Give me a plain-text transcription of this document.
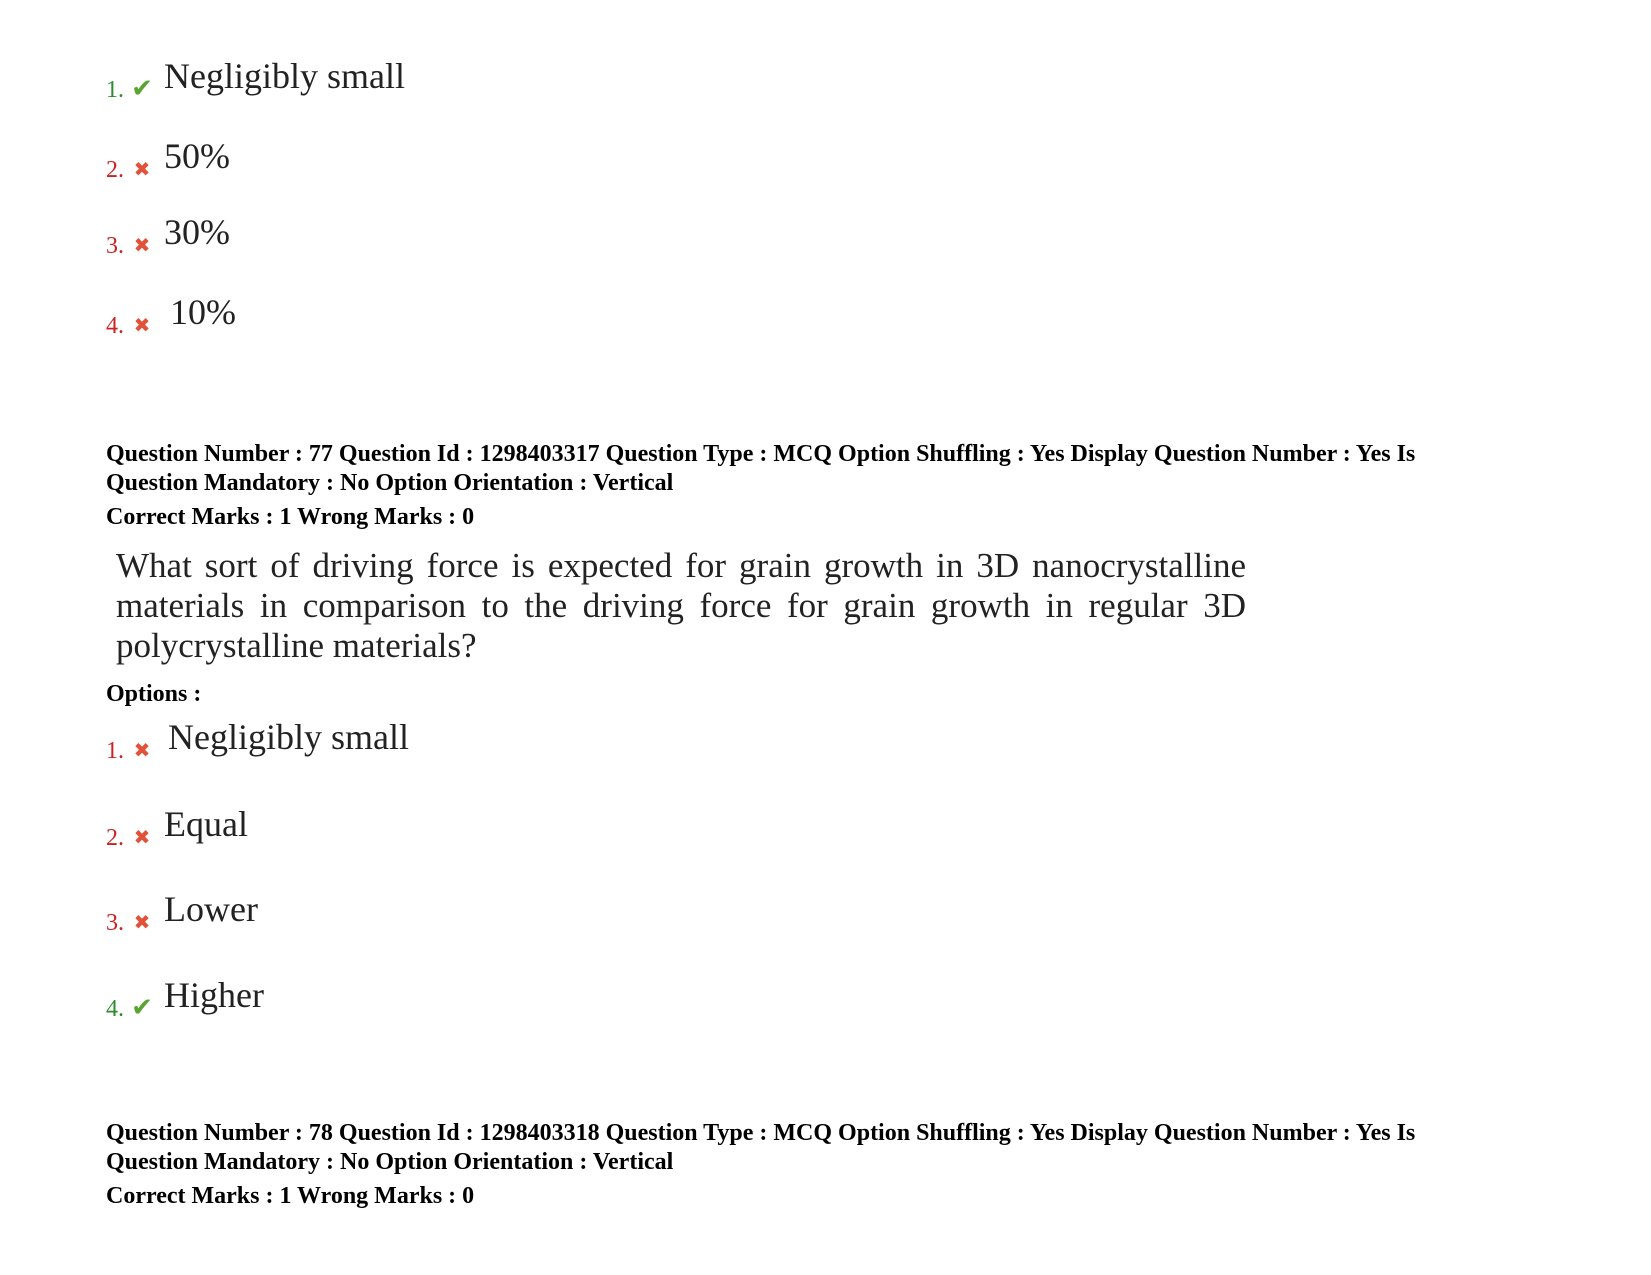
1. ✔ Negligibly small
2. ✖ 50%
3. ✖ 30%
4. ✖ 10%
Question Number : 77 Question Id : 1298403317 Question Type : MCQ Option Shuffling : Yes Display Question Number : Yes Is
Question Mandatory : No Option Orientation : Vertical
Correct Marks : 1 Wrong Marks : 0
What sort of driving force is expected for grain growth in 3D nanocrystalline materials in comparison to the driving force for grain growth in regular 3D polycrystalline materials?
Options :
1. ✖ Negligibly small
2. ✖ Equal
3. ✖ Lower
4. ✔ Higher
Question Number : 78 Question Id : 1298403318 Question Type : MCQ Option Shuffling : Yes Display Question Number : Yes Is
Question Mandatory : No Option Orientation : Vertical
Correct Marks : 1 Wrong Marks : 0
